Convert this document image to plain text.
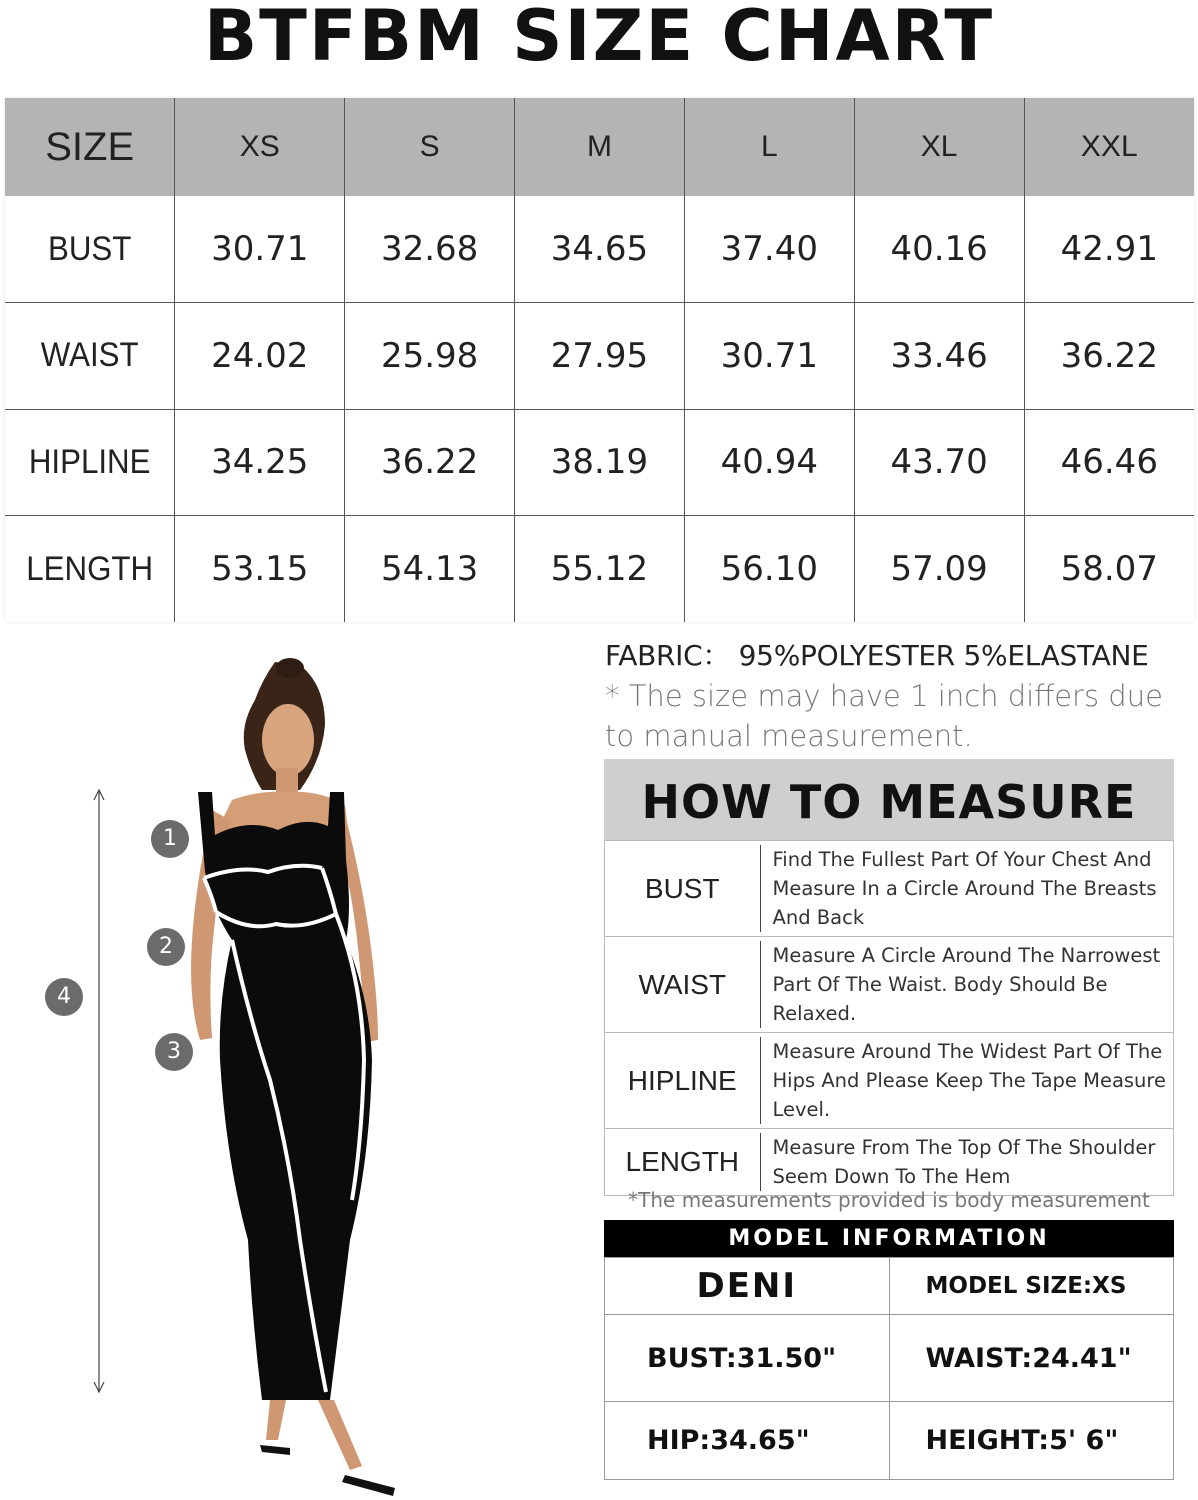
BTFBM SIZE CHART
SIZE	XS	S	M	L	XL	XXL

BUST	30.71	32.68	34.65	37.40	40.16	42.91

WAIST	24.02	25.98	27.95	30.71	33.46	36.22

HIPLINE	34.25	36.22	38.19	40.94	43.70	46.46

LENGTH	53.15	54.13	55.12	56.10	57.09	58.07
1
2
3
4
FABRIC： 95%POLYESTER 5%ELASTANE
* The size may have 1 inch differs due to manual measurement.
HOW TO MEASURE
BUST	Find The Fullest Part Of Your Chest And Measure In a Circle Around The Breasts And Back

WAIST	Measure A Circle Around The Narrowest Part Of The Waist. Body Should Be Relaxed.

HIPLINE	Measure Around The Widest Part Of The Hips And Please Keep The Tape Measure Level.

LENGTH	Measure From The Top Of The Shoulder Seem Down To The Hem
*The measurements provided is body measurement
MODEL INFORMATION
DENI	MODEL SIZE:XS
BUST:31.50"	WAIST:24.41"
HIP:34.65"	HEIGHT:5' 6"
